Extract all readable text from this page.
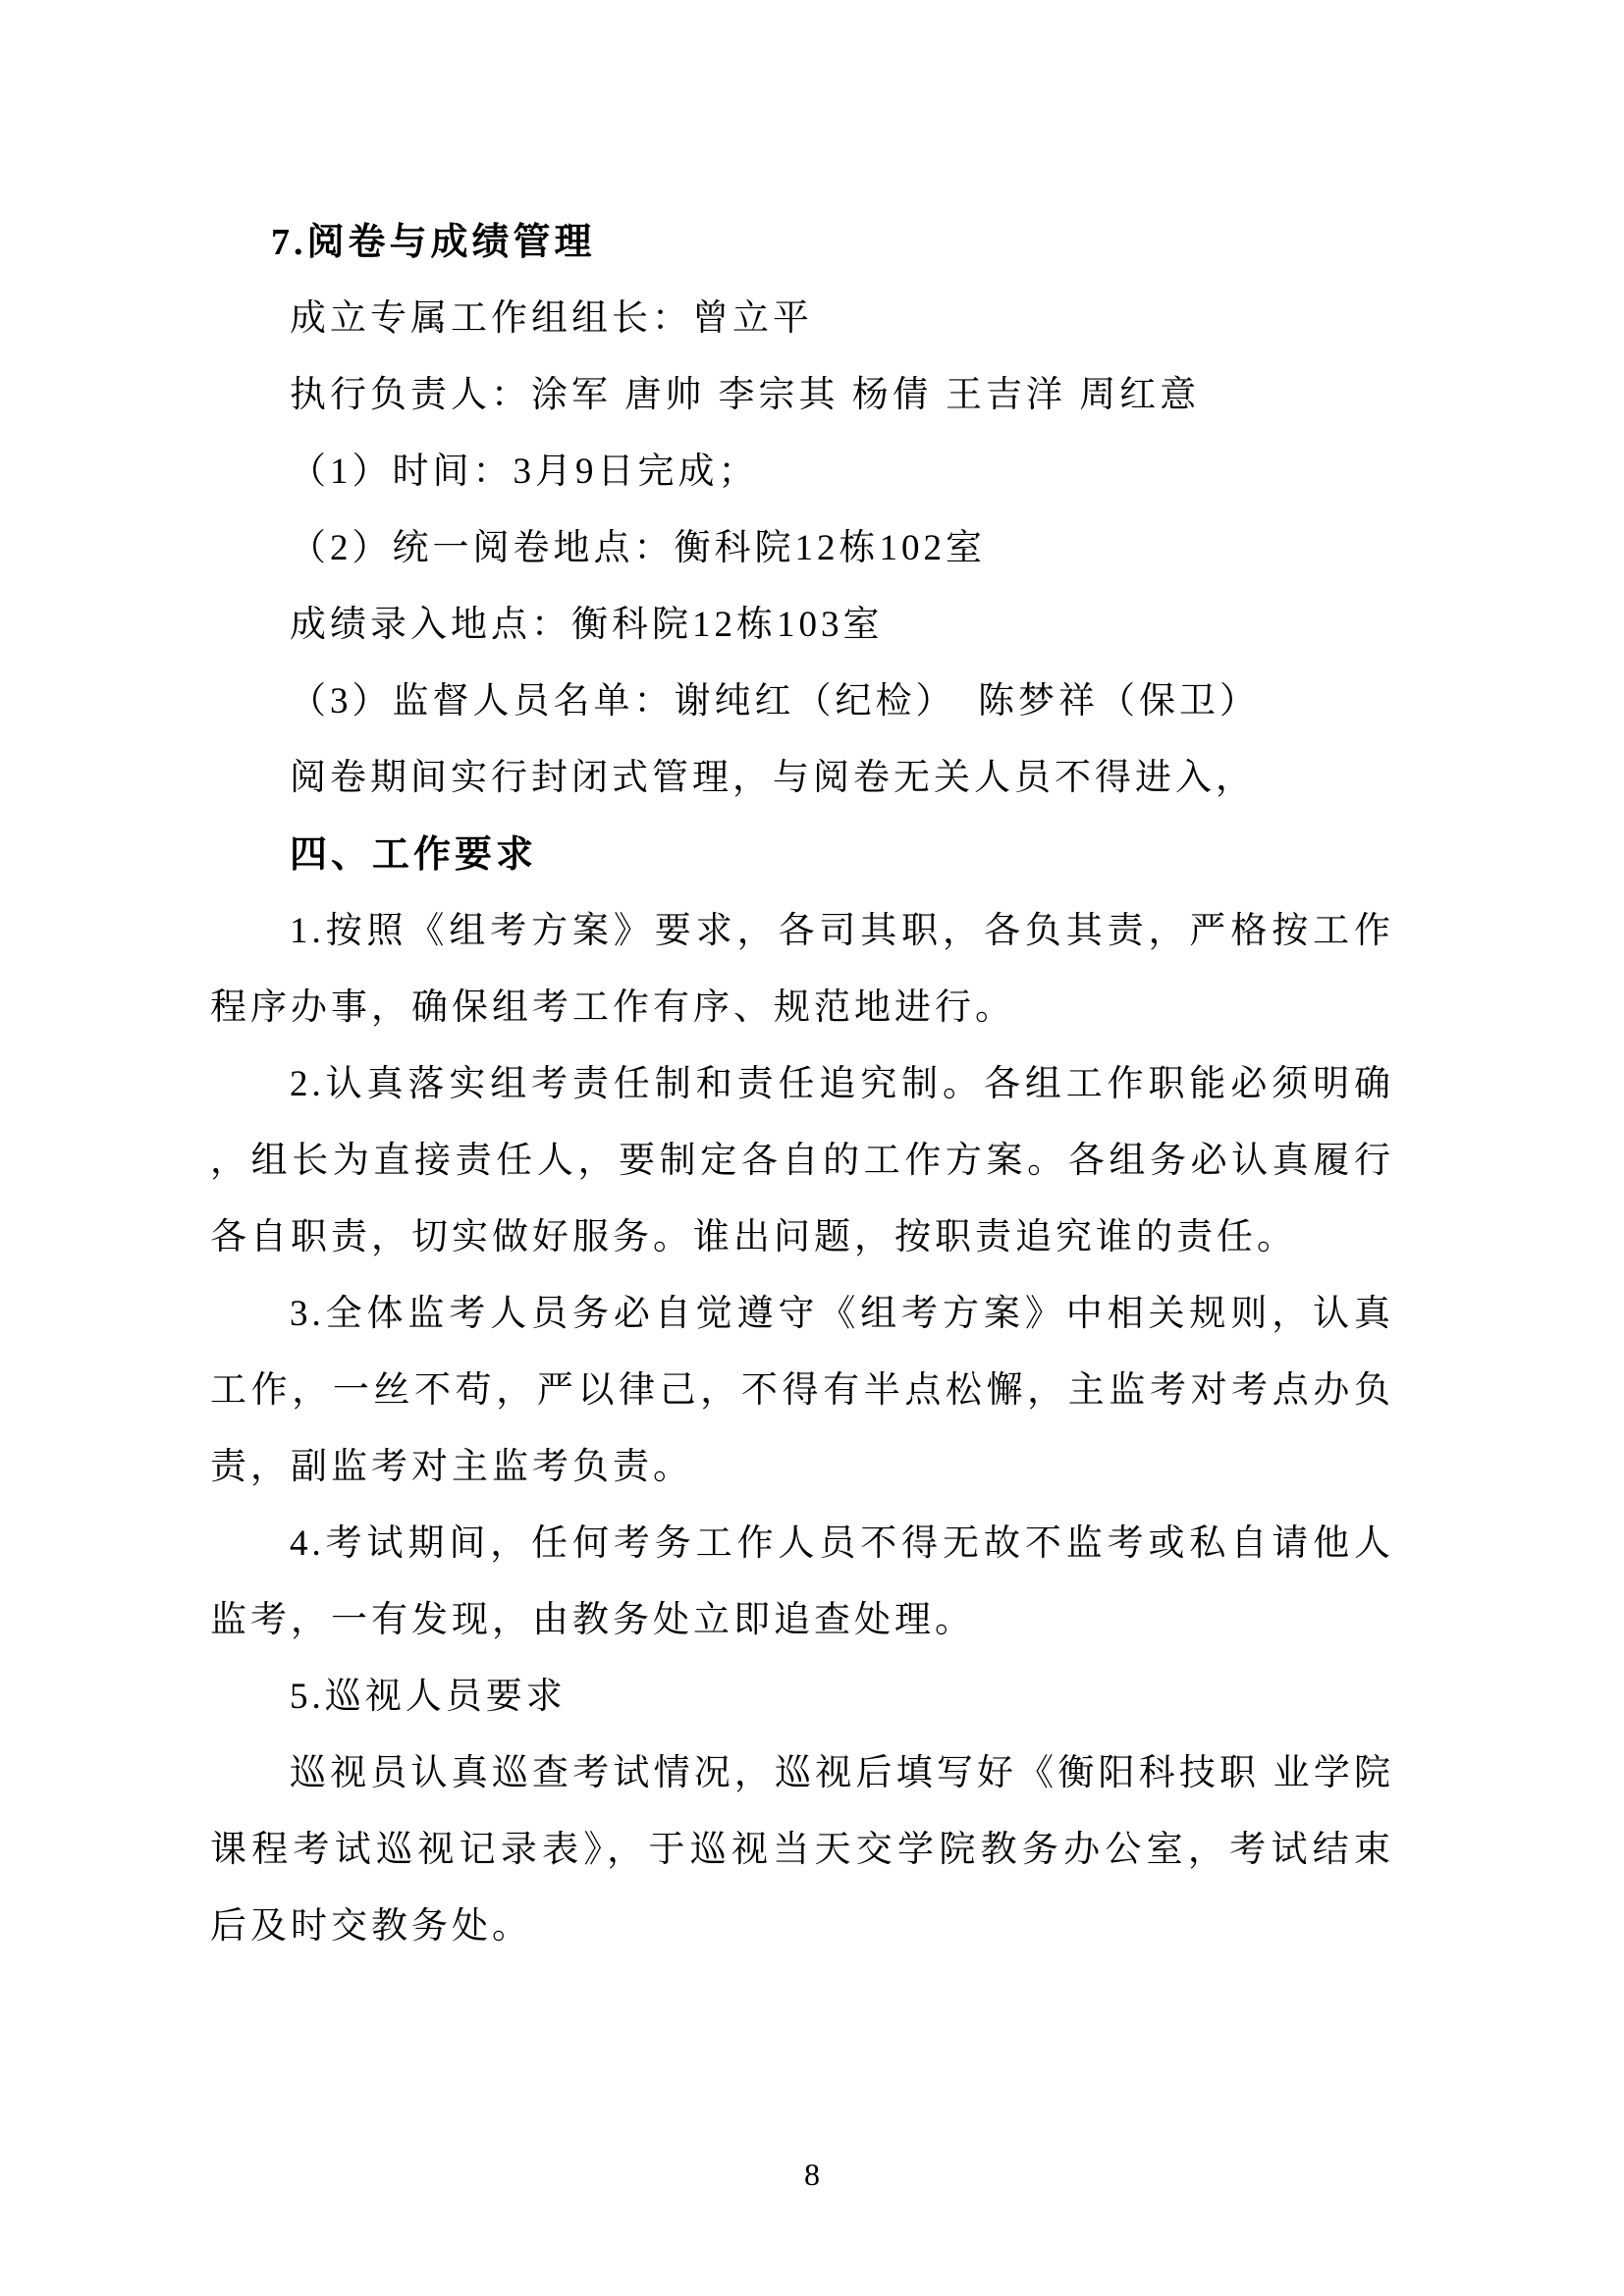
7.阅卷与成绩管理
成立专属工作组组长：曾立平
执行负责人：涂军 唐帅 李宗其 杨倩 王吉洋 周红意
（1）时间：3月9日完成；
（2）统一阅卷地点：衡科院12栋102室
成绩录入地点：衡科院12栋103室
（3）监督人员名单：谢纯红（纪检）　陈梦祥（保卫）
阅卷期间实行封闭式管理，与阅卷无关人员不得进入，
四、工作要求
1.按照《组考方案》要求，各司其职，各负其责，严格按工作
程序办事，确保组考工作有序、规范地进行。
2.认真落实组考责任制和责任追究制。各组工作职能必须明确
，组长为直接责任人，要制定各自的工作方案。各组务必认真履行
各自职责，切实做好服务。谁出问题，按职责追究谁的责任。
3.全体监考人员务必自觉遵守《组考方案》中相关规则，认真
工作，一丝不苟，严以律己，不得有半点松懈，主监考对考点办负
责，副监考对主监考负责。
4.考试期间，任何考务工作人员不得无故不监考或私自请他人
监考，一有发现，由教务处立即追查处理。
5.巡视人员要求
巡视员认真巡查考试情况，巡视后填写好《衡阳科技职 业学院
课程考试巡视记录表》，于巡视当天交学院教务办公室，考试结束
后及时交教务处。
8
